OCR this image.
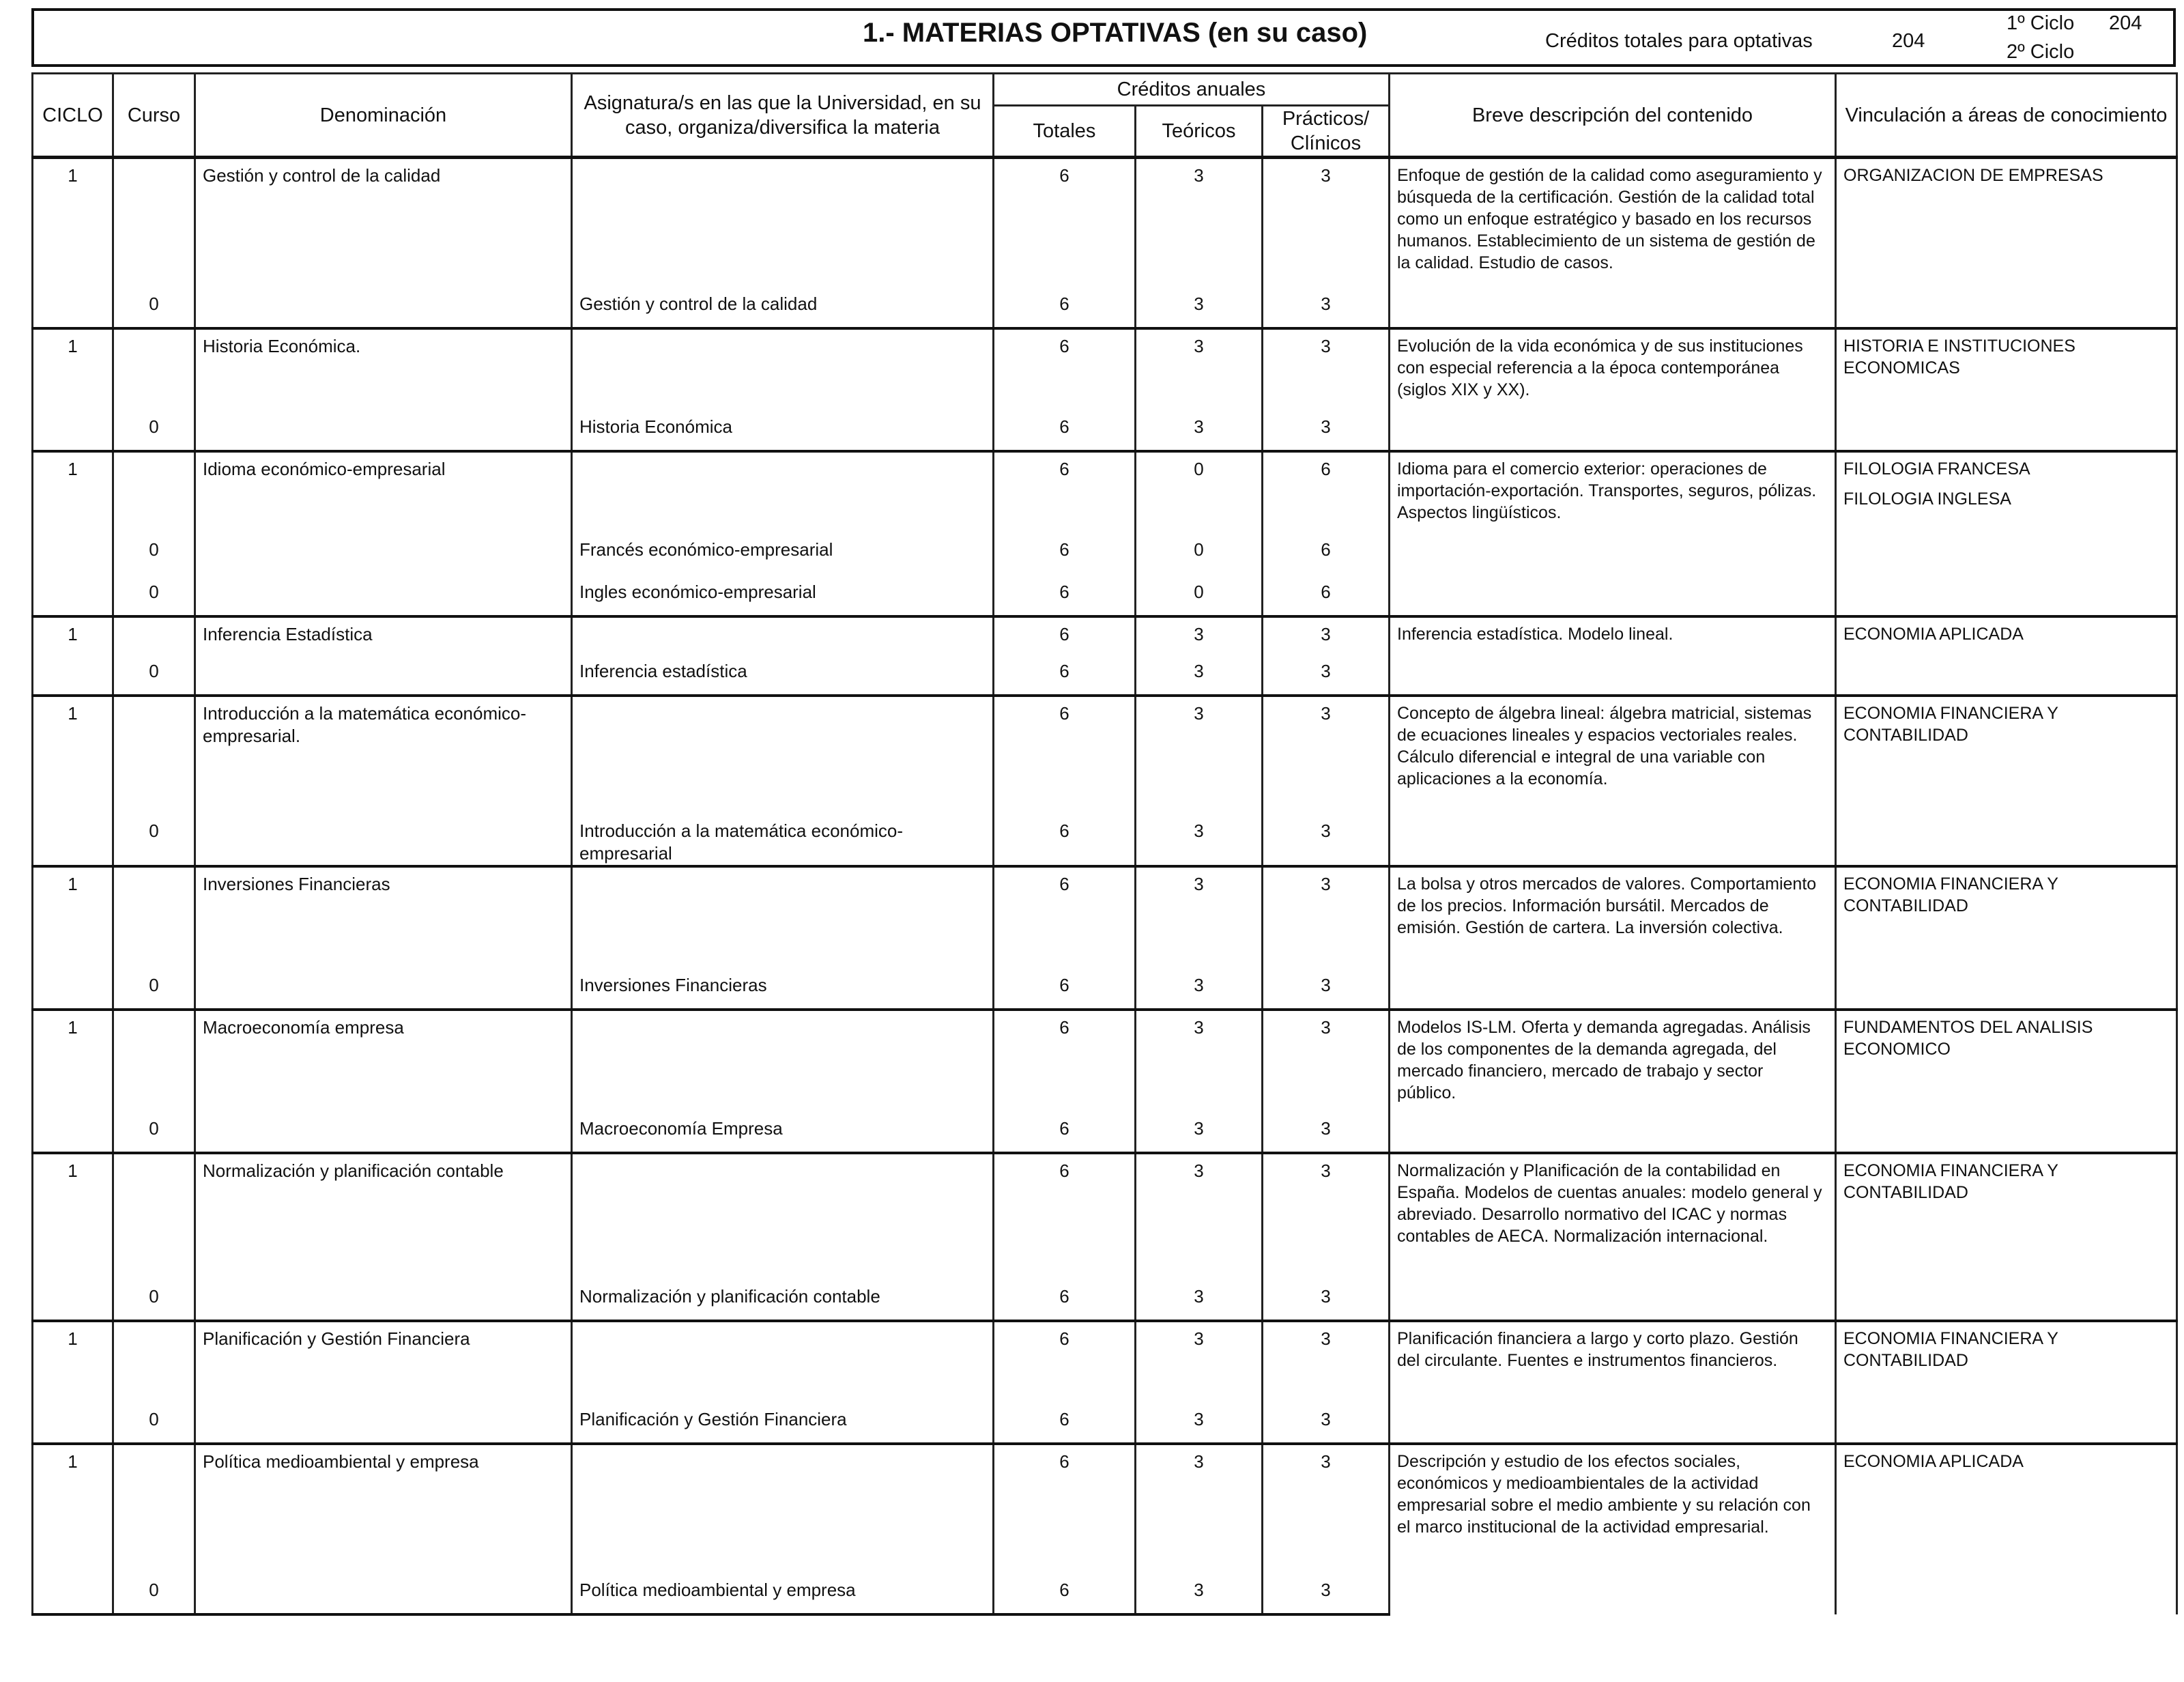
1.- MATERIAS OPTATIVAS (en su caso)	Créditos totales para optativas	204
1º Ciclo 204
2º Ciclo
CICLO	Curso	Denominación	Asignatura/s en las que la Universidad, en su caso, organiza/diversifica la materia	Créditos anuales			Breve descripción del contenido	Vinculación a áreas de conocimiento
				Totales	Teóricos	Prácticos/ Clínicos		
1		Gestión y control de la calidad		6	3	3	Enfoque de gestión de la calidad como aseguramiento y búsqueda de la certificación. Gestión de la calidad total como un enfoque estratégico y basado en los recursos humanos. Establecimiento de un sistema de gestión de la calidad. Estudio de casos.	ORGANIZACION DE EMPRESAS

	0		Gestión y control de la calidad	6	3	3		
1		Historia Económica.		6	3	3	Evolución de la vida económica y de sus instituciones con especial referencia a la época contemporánea (siglos XIX y XX).	HISTORIA E INSTITUCIONES ECONOMICAS

	0		Historia Económica	6	3	3		
1		Idioma económico-empresarial		6	0	6	Idioma para el comercio exterior: operaciones de importación-exportación. Transportes, seguros, pólizas. Aspectos lingüísticos.	FILOLOGIA FRANCESA
FILOLOGIA INGLESA

	0		Francés económico-empresarial	6	0	6		
	0		Ingles económico-empresarial	6	0	6		
1		Inferencia Estadística		6	3	3	Inferencia estadística. Modelo lineal.	ECONOMIA APLICADA

	0		Inferencia estadística	6	3	3		
1		Introducción a la matemática económico-empresarial.		6	3	3	Concepto de álgebra lineal: álgebra matricial, sistemas de ecuaciones lineales y espacios vectoriales reales. Cálculo diferencial e integral de una variable con aplicaciones a la economía.	ECONOMIA FINANCIERA Y CONTABILIDAD

	0		Introducción a la matemática económico-empresarial	6	3	3		
1		Inversiones Financieras		6	3	3	La bolsa y otros mercados de valores. Comportamiento de los precios. Información bursátil. Mercados de emisión. Gestión de cartera. La inversión colectiva.	ECONOMIA FINANCIERA Y CONTABILIDAD

	0		Inversiones Financieras	6	3	3		
1		Macroeconomía empresa		6	3	3	Modelos IS-LM. Oferta y demanda agregadas. Análisis de los componentes de la demanda agregada, del mercado financiero, mercado de trabajo y sector público.	FUNDAMENTOS DEL ANALISIS ECONOMICO

	0		Macroeconomía Empresa	6	3	3		
1		Normalización y planificación contable		6	3	3	Normalización y Planificación de la contabilidad en España. Modelos de cuentas anuales: modelo general y abreviado. Desarrollo normativo del ICAC y normas contables de AECA. Normalización internacional.	ECONOMIA FINANCIERA Y CONTABILIDAD

	0		Normalización y planificación contable	6	3	3		
1		Planificación y Gestión Financiera		6	3	3	Planificación financiera a largo y corto plazo. Gestión del circulante. Fuentes e instrumentos financieros.	ECONOMIA FINANCIERA Y CONTABILIDAD

	0		Planificación y Gestión Financiera	6	3	3		
1		Política medioambiental y empresa		6	3	3	Descripción y estudio de los efectos sociales, económicos y medioambientales de la actividad empresarial sobre el medio ambiente y su relación con el marco institucional de la actividad empresarial.	ECONOMIA APLICADA

	0		Política medioambiental y empresa	6	3	3		
